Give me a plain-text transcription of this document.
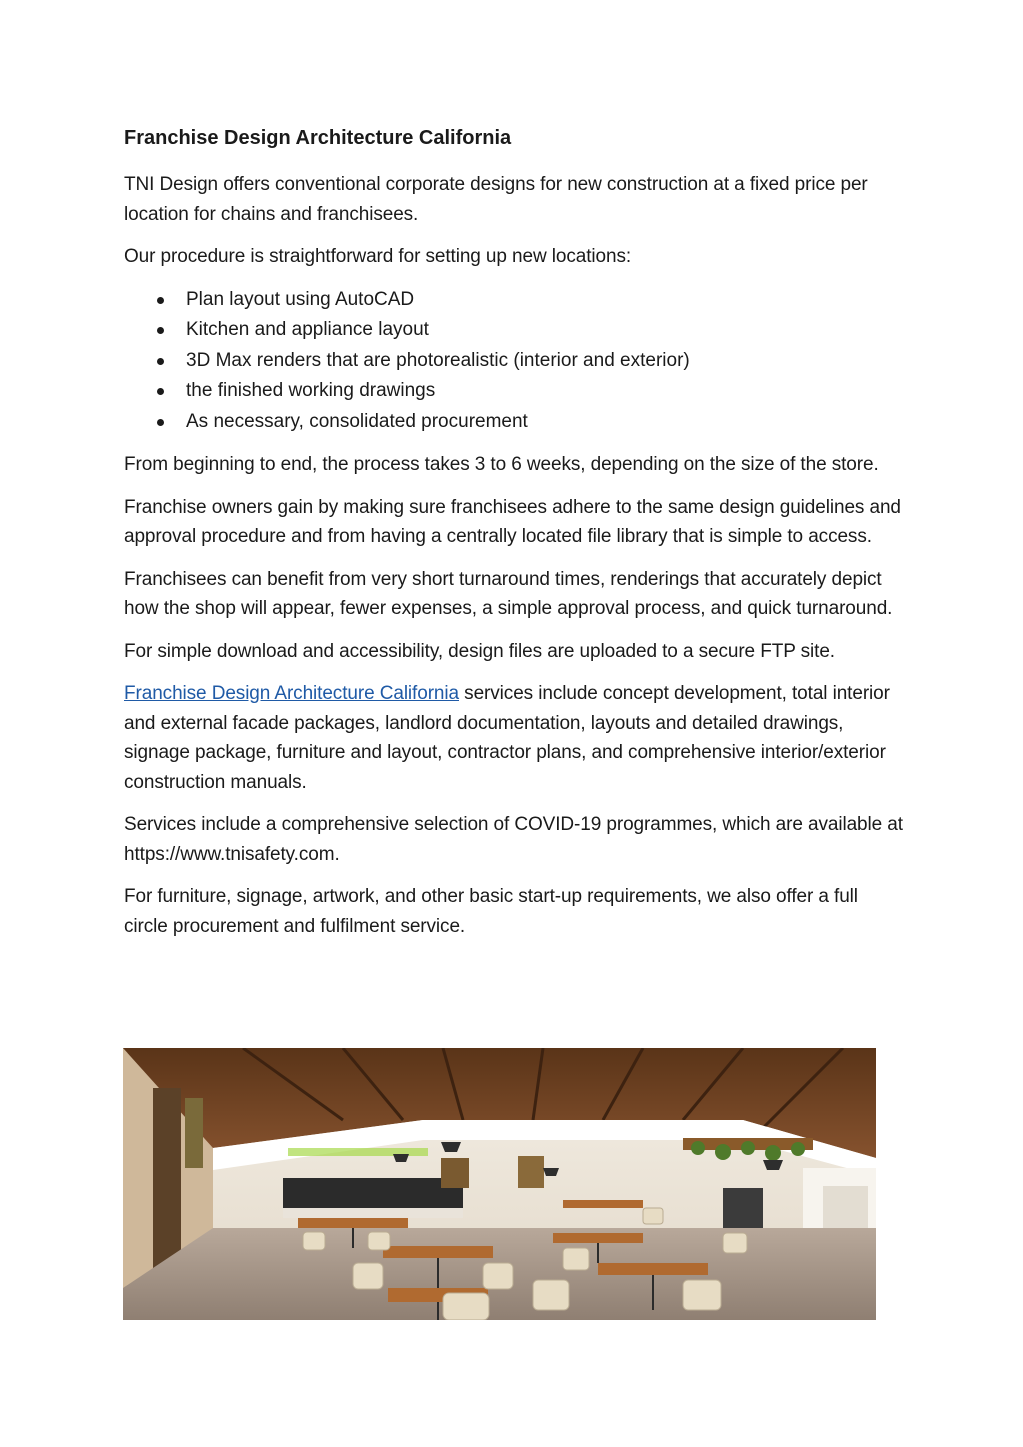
Franchise Design Architecture California

TNI Design offers conventional corporate designs for new construction at a fixed price per location for chains and franchisees.

Our procedure is straightforward for setting up new locations:

Plan layout using AutoCAD
Kitchen and appliance layout
3D Max renders that are photorealistic (interior and exterior)
the finished working drawings
As necessary, consolidated procurement

From beginning to end, the process takes 3 to 6 weeks, depending on the size of the store.

Franchise owners gain by making sure franchisees adhere to the same design guidelines and approval procedure and from having a centrally located file library that is simple to access.

Franchisees can benefit from very short turnaround times, renderings that accurately depict how the shop will appear, fewer expenses, a simple approval process, and quick turnaround.

For simple download and accessibility, design files are uploaded to a secure FTP site.

Franchise Design Architecture California services include concept development, total interior and external facade packages, landlord documentation, layouts and detailed drawings, signage package, furniture and layout, contractor plans, and comprehensive interior/exterior construction manuals.

Services include a comprehensive selection of COVID-19 programmes, which are available at https://www.tnisafety.com.

For furniture, signage, artwork, and other basic start-up requirements, we also offer a full circle procurement and fulfilment service.
